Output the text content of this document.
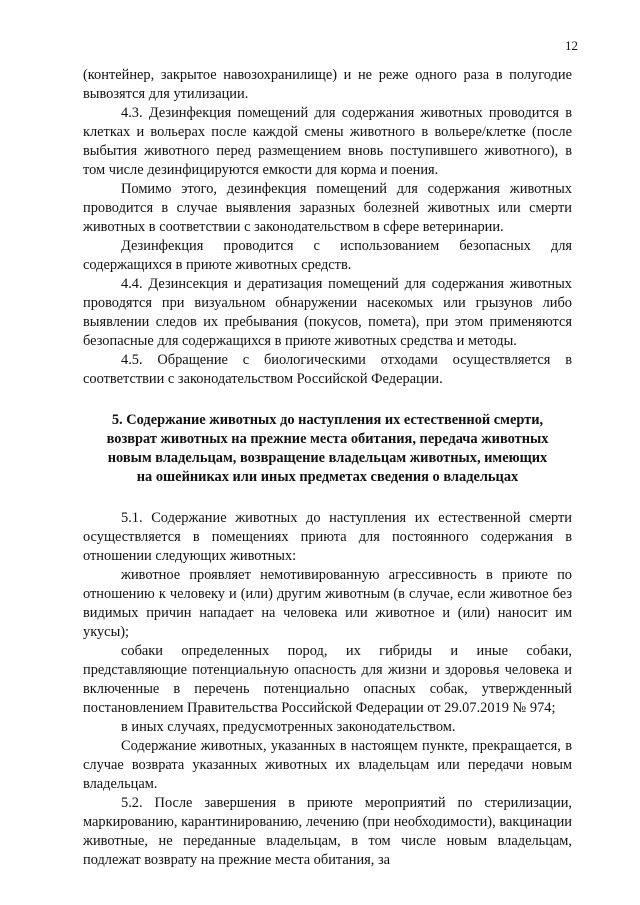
12

(контейнер, закрытое навозохранилище) и не реже одного раза в полугодие вывозятся для утилизации.

4.3. Дезинфекция помещений для содержания животных проводится в клетках и вольерах после каждой смены животного в вольере/клетке (после выбытия животного перед размещением вновь поступившего животного), в том числе дезинфицируются емкости для корма и поения.

Помимо этого, дезинфекция помещений для содержания животных проводится в случае выявления заразных болезней животных или смерти животных в соответствии с законодательством в сфере ветеринарии.

Дезинфекция проводится с использованием безопасных для содержащихся в приюте животных средств.

4.4. Дезинсекция и дератизация помещений для содержания животных проводятся при визуальном обнаружении насекомых или грызунов либо выявлении следов их пребывания (покусов, помета), при этом применяются безопасные для содержащихся в приюте животных средства и методы.

4.5. Обращение с биологическими отходами осуществляется в соответствии с законодательством Российской Федерации.

5. Содержание животных до наступления их естественной смерти,
возврат животных на прежние места обитания, передача животных
новым владельцам, возвращение владельцам животных, имеющих
на ошейниках или иных предметах сведения о владельцах

5.1. Содержание животных до наступления их естественной смерти осуществляется в помещениях приюта для постоянного содержания в отношении следующих животных:

животное проявляет немотивированную агрессивность в приюте по отношению к человеку и (или) другим животным (в случае, если животное без видимых причин нападает на человека или животное и (или) наносит им укусы);

собаки определенных пород, их гибриды и иные собаки, представляющие потенциальную опасность для жизни и здоровья человека и включенные в перечень потенциально опасных собак, утвержденный постановлением Правительства Российской Федерации от 29.07.2019 № 974;

в иных случаях, предусмотренных законодательством.

Содержание животных, указанных в настоящем пункте, прекращается, в случае возврата указанных животных их владельцам или передачи новым владельцам.

5.2. После завершения в приюте мероприятий по стерилизации, маркированию, карантинированию, лечению (при необходимости), вакцинации животные, не переданные владельцам, в том числе новым владельцам, подлежат возврату на прежние места обитания, за
